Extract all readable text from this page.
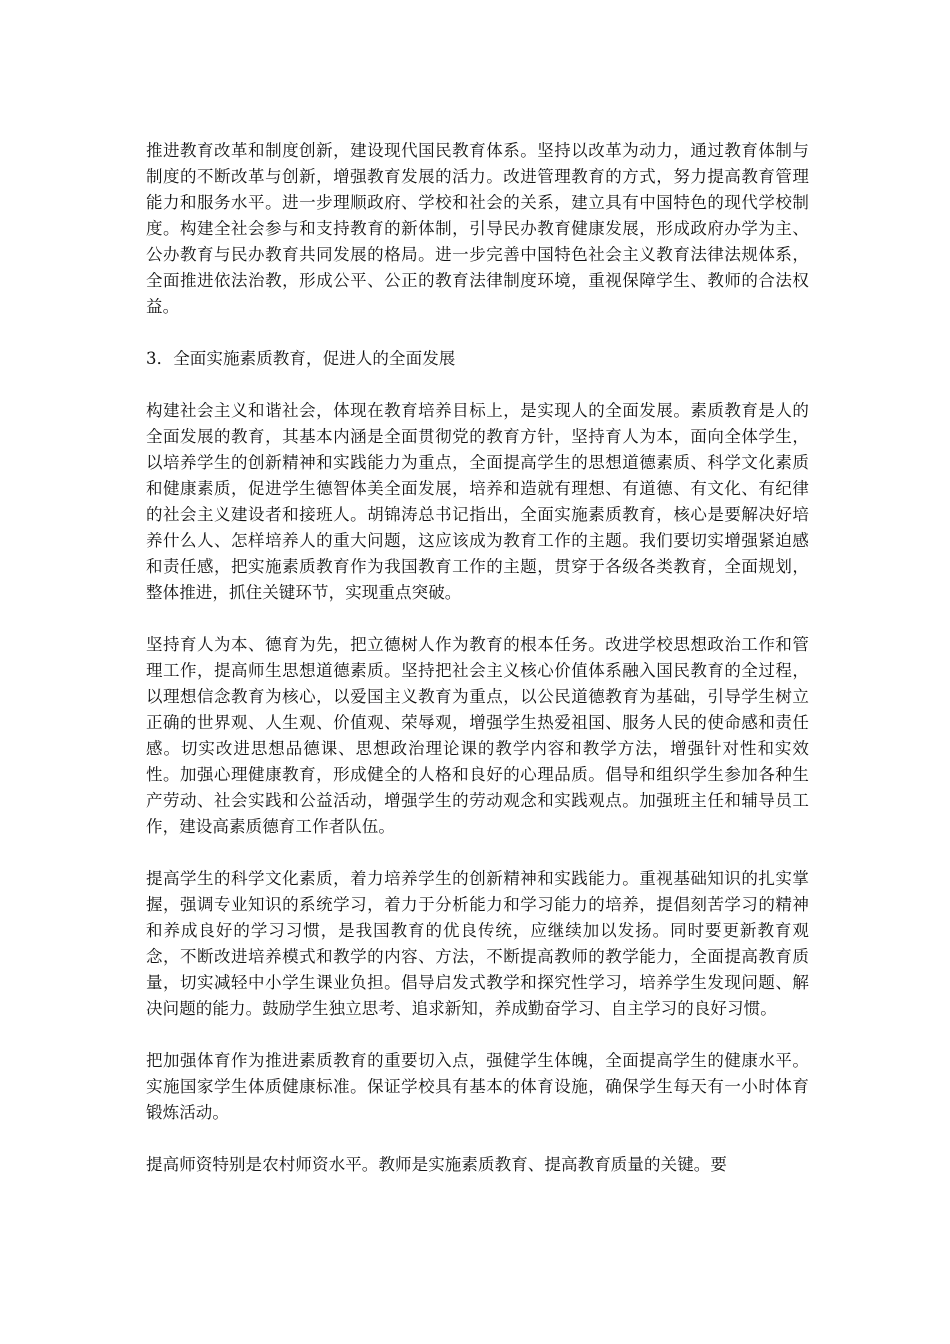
推进教育改革和制度创新，建设现代国民教育体系。坚持以改革为动力，通过教育体制与制度的不断改革与创新，增强教育发展的活力。改进管理教育的方式，努力提高教育管理能力和服务水平。进一步理顺政府、学校和社会的关系，建立具有中国特色的现代学校制度。构建全社会参与和支持教育的新体制，引导民办教育健康发展，形成政府办学为主、公办教育与民办教育共同发展的格局。进一步完善中国特色社会主义教育法律法规体系，全面推进依法治教，形成公平、公正的教育法律制度环境，重视保障学生、教师的合法权益。

3．全面实施素质教育，促进人的全面发展

构建社会主义和谐社会，体现在教育培养目标上，是实现人的全面发展。素质教育是人的全面发展的教育，其基本内涵是全面贯彻党的教育方针，坚持育人为本，面向全体学生，以培养学生的创新精神和实践能力为重点，全面提高学生的思想道德素质、科学文化素质和健康素质，促进学生德智体美全面发展，培养和造就有理想、有道德、有文化、有纪律的社会主义建设者和接班人。胡锦涛总书记指出，全面实施素质教育，核心是要解决好培养什么人、怎样培养人的重大问题，这应该成为教育工作的主题。我们要切实增强紧迫感和责任感，把实施素质教育作为我国教育工作的主题，贯穿于各级各类教育，全面规划，整体推进，抓住关键环节，实现重点突破。

坚持育人为本、德育为先，把立德树人作为教育的根本任务。改进学校思想政治工作和管理工作，提高师生思想道德素质。坚持把社会主义核心价值体系融入国民教育的全过程，以理想信念教育为核心，以爱国主义教育为重点，以公民道德教育为基础，引导学生树立正确的世界观、人生观、价值观、荣辱观，增强学生热爱祖国、服务人民的使命感和责任感。切实改进思想品德课、思想政治理论课的教学内容和教学方法，增强针对性和实效性。加强心理健康教育，形成健全的人格和良好的心理品质。倡导和组织学生参加各种生产劳动、社会实践和公益活动，增强学生的劳动观念和实践观点。加强班主任和辅导员工作，建设高素质德育工作者队伍。

提高学生的科学文化素质，着力培养学生的创新精神和实践能力。重视基础知识的扎实掌握，强调专业知识的系统学习，着力于分析能力和学习能力的培养，提倡刻苦学习的精神和养成良好的学习习惯，是我国教育的优良传统，应继续加以发扬。同时要更新教育观念，不断改进培养模式和教学的内容、方法，不断提高教师的教学能力，全面提高教育质量，切实减轻中小学生课业负担。倡导启发式教学和探究性学习，培养学生发现问题、解决问题的能力。鼓励学生独立思考、追求新知，养成勤奋学习、自主学习的良好习惯。

把加强体育作为推进素质教育的重要切入点，强健学生体魄，全面提高学生的健康水平。实施国家学生体质健康标准。保证学校具有基本的体育设施，确保学生每天有一小时体育锻炼活动。

提高师资特别是农村师资水平。教师是实施素质教育、提高教育质量的关键。要
